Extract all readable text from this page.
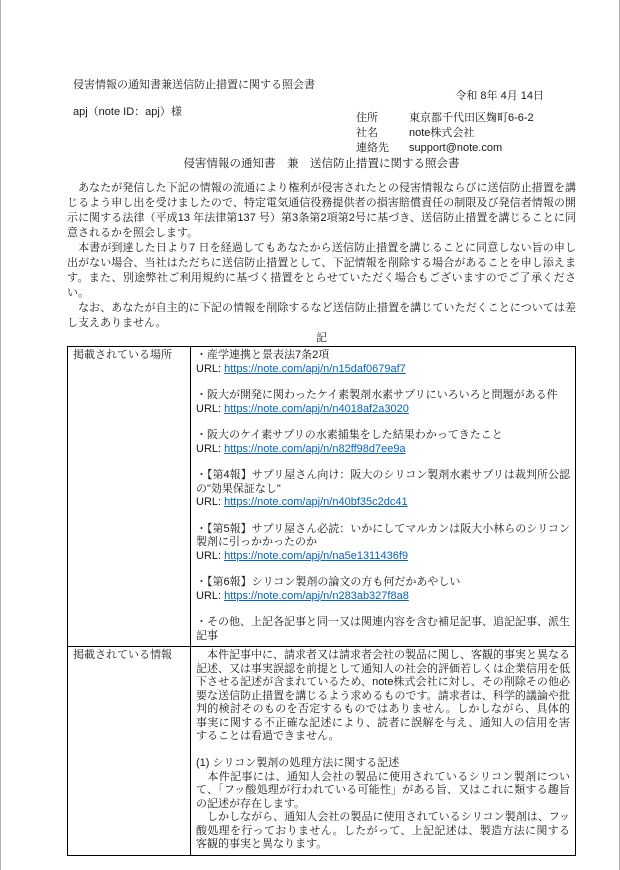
侵害情報の通知書兼送信防止措置に関する照会書
令和 8年 4月 14日
apj（note ID：apj）様	住所	東京都千代田区麹町6-6-2
社名	note株式会社
連絡先 support@note.com
侵害情報の通知書　兼　送信防止措置に関する照会書

　あなたが発信した下記の情報の流通により権利が侵害されたとの侵害情報ならびに送信防止措置を講じるよう申し出を受けましたので、特定電気通信役務提供者の損害賠償責任の制限及び発信者情報の開示に関する法律（平成13 年法律第137 号）第3条第2項第2号に基づき、送信防止措置を講じることに同意されるかを照会します。

　本書が到達した日より7 日を経過してもあなたから送信防止措置を講じることに同意しない旨の申し出がない場合、当社はただちに送信防止措置として、下記情報を削除する場合があることを申し添えます。また、別途弊社ご利用規約に基づく措置をとらせていただく場合もございますのでご了承ください。

　なお、あなたが自主的に下記の情報を削除するなど送信防止措置を講じていただくことについては差し支えありません。

記
掲載されている場所	・産学連携と景表法7条2項
URL: https://note.com/apj/n/n15daf0679af7
・阪大が開発に関わったケイ素製剤水素サプリにいろいろと問題がある件
URL: https://note.com/apj/n/n4018af2a3020
・阪大のケイ素サプリの水素捕集をした結果わかってきたこと
URL: https://note.com/apj/n/n82ff98d7ee9a
・【第4報】サプリ屋さん向け：阪大のシリコン製剤水素サプリは裁判所公認の"効果保証なし"
URL: https://note.com/apj/n/n40bf35c2dc41
・【第5報】サプリ屋さん必読：いかにしてマルカンは阪大小林らのシリコン製剤に引っかかったのか
URL: https://note.com/apj/n/na5e1311436f9
・【第6報】シリコン製剤の論文の方も何だかあやしい
URL: https://note.com/apj/n/n283ab327f8a8
・その他、上記各記事と同一又は関連内容を含む補足記事、追記記事、派生記事

掲載されている情報	　本件記事中に、請求者又は請求者会社の製品に関し、客観的事実と異なる記述、又は事実誤認を前提として通知人の社会的評価若しくは企業信用を低下させる記述が含まれているため、note株式会社に対し、その削除その他必要な送信防止措置を講じるよう求めるものです。請求者は、科学的議論や批判的検討そのものを否定するものではありません。しかしながら、具体的事実に関する不正確な記述により、読者に誤解を与え、通知人の信用を害することは看過できません。

(1) シリコン製剤の処理方法に関する記述

　本件記事には、通知人会社の製品に使用されているシリコン製剤について、「フッ酸処理が行われている可能性」がある旨、又はこれに類する趣旨の記述が存在します。

　しかしながら、通知人会社の製品に使用されているシリコン製剤は、フッ酸処理を行っておりません。したがって、上記記述は、製造方法に関する客観的事実と異なります。
